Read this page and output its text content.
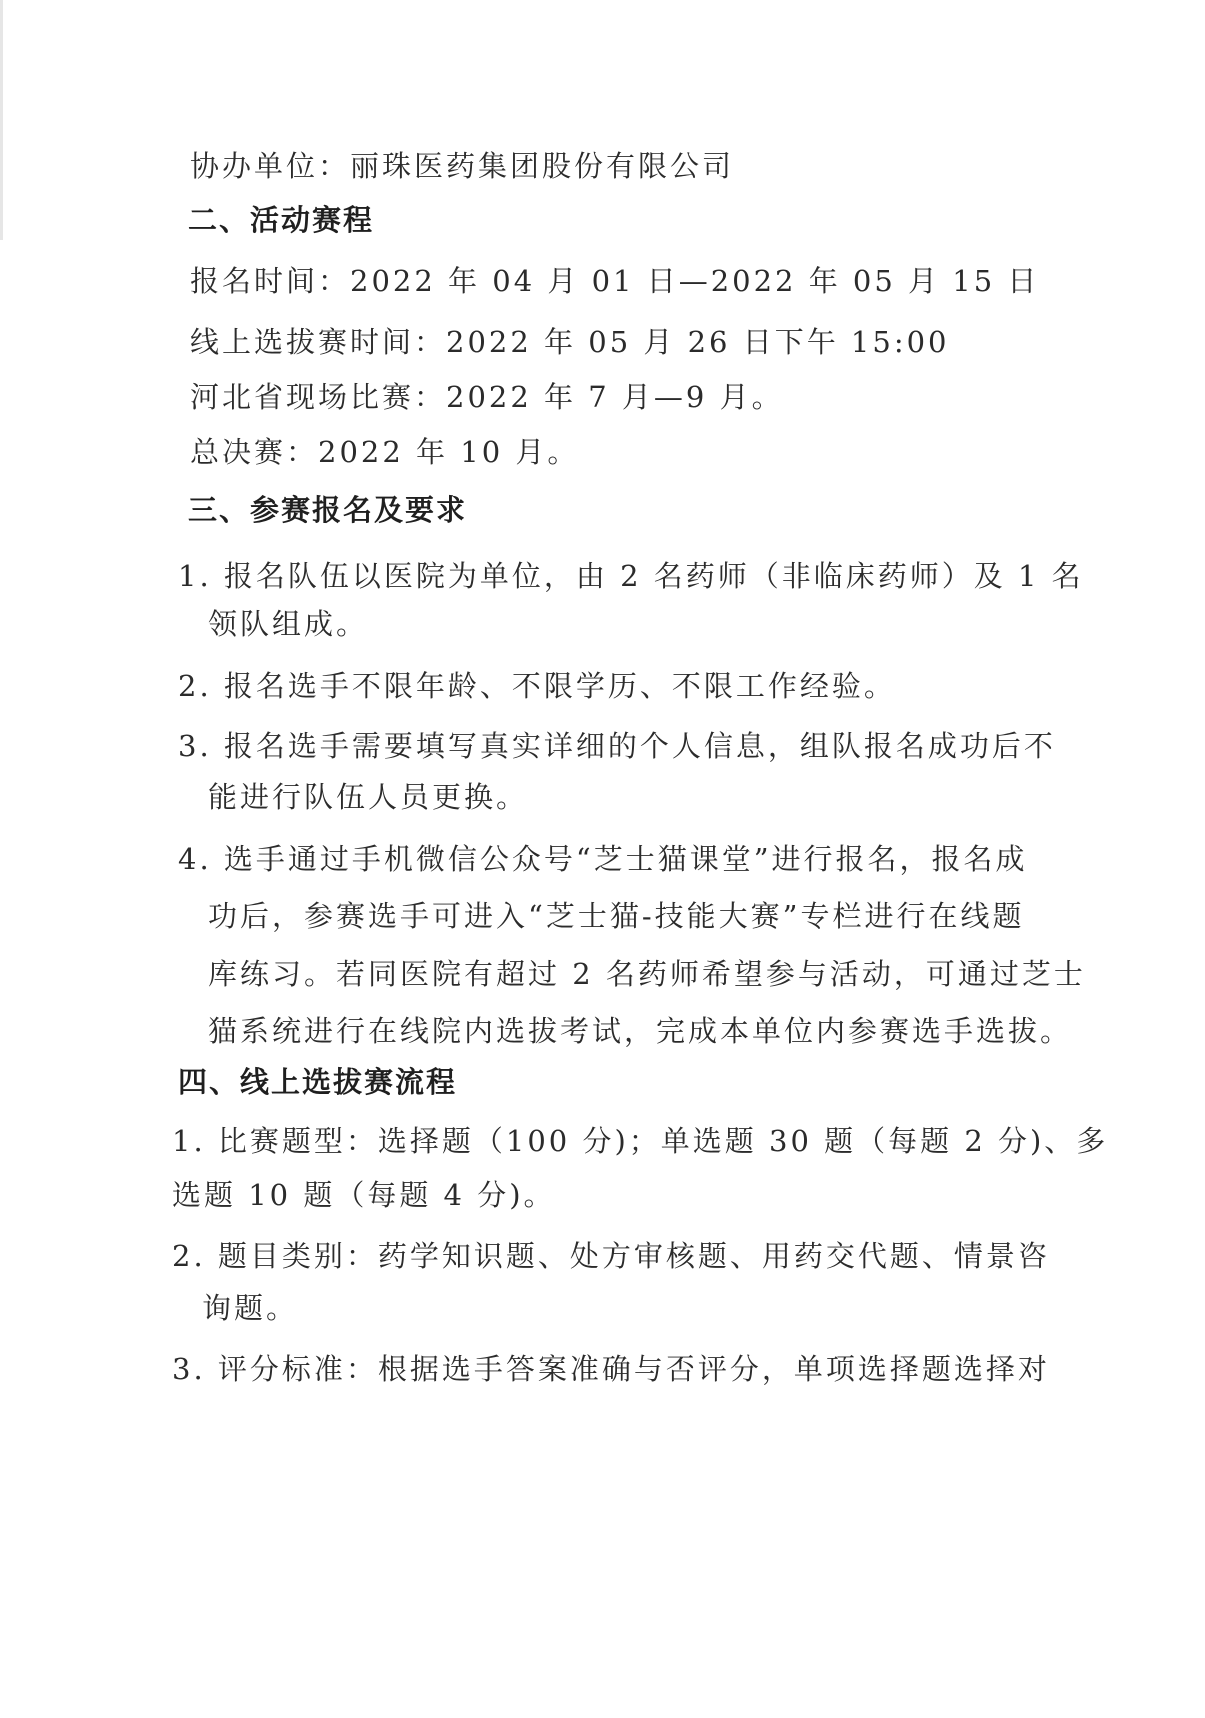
协办单位：丽珠医药集团股份有限公司

二、活动赛程

报名时间：2022 年 04 月 01 日—2022 年 05 月 15 日

线上选拔赛时间：2022 年 05 月 26 日下午 15:00

河北省现场比赛：2022 年 7 月—9 月。

总决赛：2022 年 10 月。

三、参赛报名及要求

1. 报名队伍以医院为单位，由 2 名药师（非临床药师）及 1 名

领队组成。

2. 报名选手不限年龄、不限学历、不限工作经验。

3. 报名选手需要填写真实详细的个人信息，组队报名成功后不

能进行队伍人员更换。

4. 选手通过手机微信公众号“芝士猫课堂”进行报名，报名成

功后，参赛选手可进入“芝士猫-技能大赛”专栏进行在线题

库练习。若同医院有超过 2 名药师希望参与活动，可通过芝士

猫系统进行在线院内选拔考试，完成本单位内参赛选手选拔。

四、线上选拔赛流程

1. 比赛题型：选择题（100 分)；单选题 30 题（每题 2 分)、多

选题 10 题（每题 4 分)。

2. 题目类别：药学知识题、处方审核题、用药交代题、情景咨

询题。

3. 评分标准：根据选手答案准确与否评分，单项选择题选择对
